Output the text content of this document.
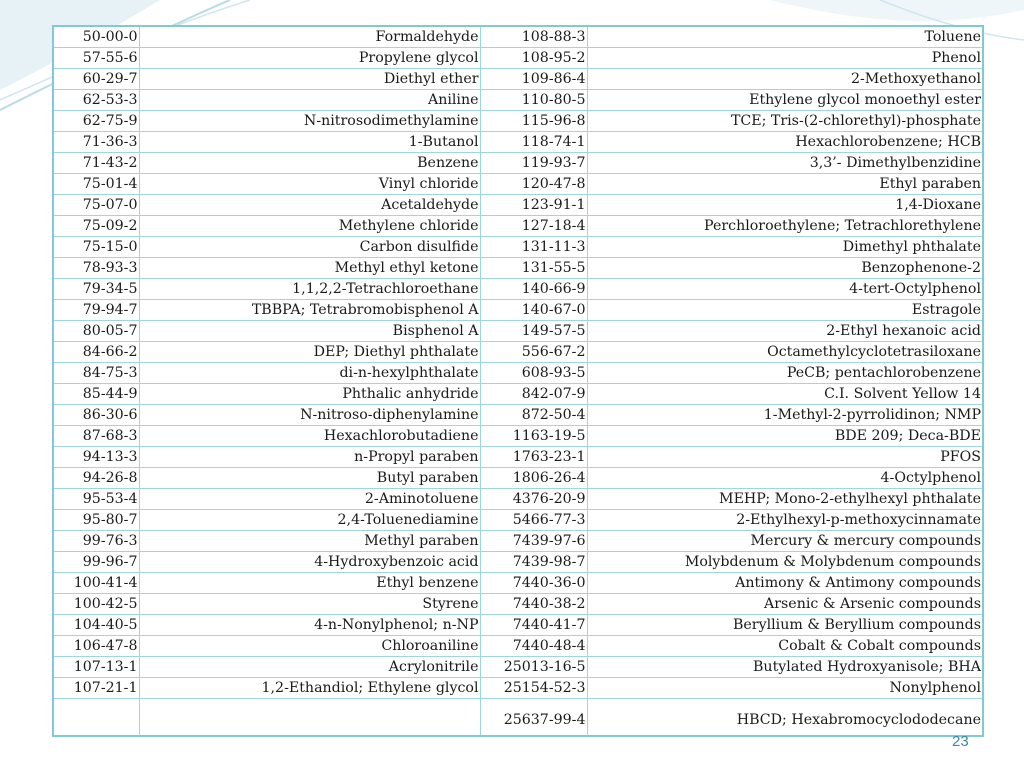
50-00-0	Formaldehyde	108-88-3	Toluene
57-55-6	Propylene glycol	108-95-2	Phenol
60-29-7	Diethyl ether	109-86-4	2-Methoxyethanol
62-53-3	Aniline	110-80-5	Ethylene glycol monoethyl ester
62-75-9	N-nitrosodimethylamine	115-96-8	TCE; Tris-(2-chlorethyl)-phosphate
71-36-3	1-Butanol	118-74-1	Hexachlorobenzene; HCB
71-43-2	Benzene	119-93-7	3,3’- Dimethylbenzidine
75-01-4	Vinyl chloride	120-47-8	Ethyl paraben
75-07-0	Acetaldehyde	123-91-1	1,4-Dioxane
75-09-2	Methylene chloride	127-18-4	Perchloroethylene; Tetrachlorethylene
75-15-0	Carbon disulfide	131-11-3	Dimethyl phthalate
78-93-3	Methyl ethyl ketone	131-55-5	Benzophenone-2
79-34-5	1,1,2,2-Tetrachloroethane	140-66-9	4-tert-Octylphenol
79-94-7	TBBPA; Tetrabromobisphenol A	140-67-0	Estragole
80-05-7	Bisphenol A	149-57-5	2-Ethyl hexanoic acid
84-66-2	DEP; Diethyl phthalate	556-67-2	Octamethylcyclotetrasiloxane
84-75-3	di-n-hexylphthalate	608-93-5	PeCB; pentachlorobenzene
85-44-9	Phthalic anhydride	842-07-9	C.I. Solvent Yellow 14
86-30-6	N-nitroso-diphenylamine	872-50-4	1-Methyl-2-pyrrolidinon; NMP
87-68-3	Hexachlorobutadiene	1163-19-5	BDE 209; Deca-BDE
94-13-3	n-Propyl paraben	1763-23-1	PFOS
94-26-8	Butyl paraben	1806-26-4	4-Octylphenol
95-53-4	2-Aminotoluene	4376-20-9	MEHP; Mono-2-ethylhexyl phthalate
95-80-7	2,4-Toluenediamine	5466-77-3	2-Ethylhexyl-p-methoxycinnamate
99-76-3	Methyl paraben	7439-97-6	Mercury & mercury compounds
99-96-7	4-Hydroxybenzoic acid	7439-98-7	Molybdenum & Molybdenum compounds
100-41-4	Ethyl benzene	7440-36-0	Antimony & Antimony compounds
100-42-5	Styrene	7440-38-2	Arsenic & Arsenic compounds
104-40-5	4-n-Nonylphenol; n-NP	7440-41-7	Beryllium & Beryllium compounds
106-47-8	Chloroaniline	7440-48-4	Cobalt & Cobalt compounds
107-13-1	Acrylonitrile	25013-16-5	Butylated Hydroxyanisole; BHA
107-21-1	1,2-Ethandiol; Ethylene glycol	25154-52-3	Nonylphenol
		25637-99-4	HBCD; Hexabromocyclododecane
23
